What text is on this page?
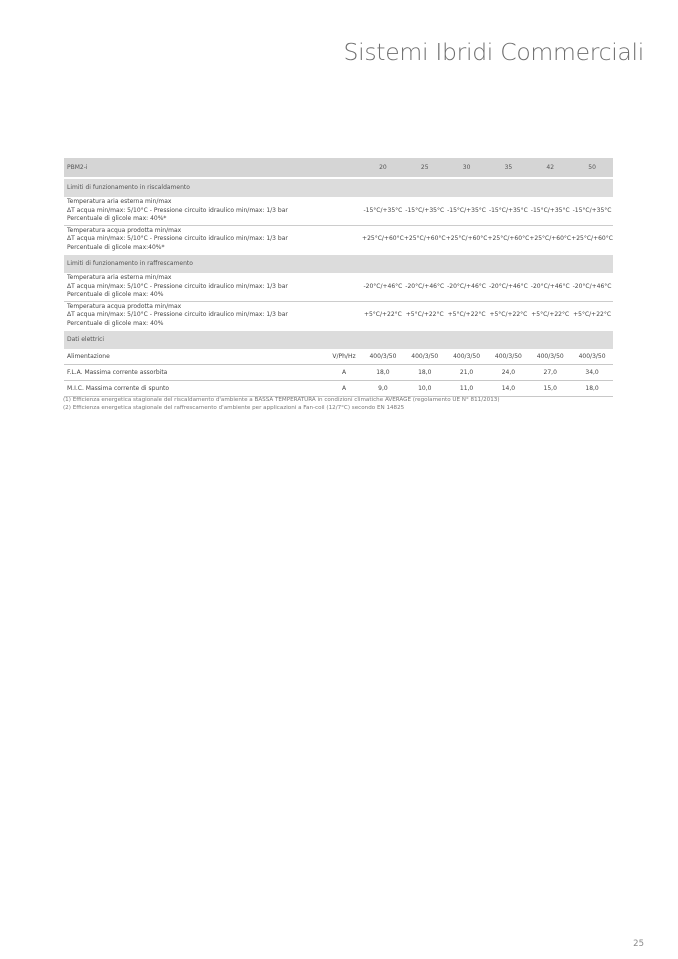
Sistemi Ibridi Commerciali
PBM2-i		20	25	30	35	42	50
Limiti di funzionamento in riscaldamento							

Temperatura aria esterna min/max
ΔT acqua min/max: 5/10°C - Pressione circuito idraulico min/max: 1/3 bar
Percentuale di glicole max: 40%*		-15°C/+35°C	-15°C/+35°C	-15°C/+35°C	-15°C/+35°C	-15°C/+35°C	-15°C/+35°C

Temperatura acqua prodotta min/max
ΔT acqua min/max: 5/10°C - Pressione circuito idraulico min/max: 1/3 bar
Percentuale di glicole max:40%*		+25°C/+60°C	+25°C/+60°C	+25°C/+60°C	+25°C/+60°C	+25°C/+60°C	+25°C/+60°C
Limiti di funzionamento in raffrescamento							

Temperatura aria esterna min/max
ΔT acqua min/max: 5/10°C - Pressione circuito idraulico min/max: 1/3 bar
Percentuale di glicole max: 40%		-20°C/+46°C	-20°C/+46°C	-20°C/+46°C	-20°C/+46°C	-20°C/+46°C	-20°C/+46°C

Temperatura acqua prodotta min/max
ΔT acqua min/max: 5/10°C - Pressione circuito idraulico min/max: 1/3 bar
Percentuale di glicole max: 40%		+5°C/+22°C	+5°C/+22°C	+5°C/+22°C	+5°C/+22°C	+5°C/+22°C	+5°C/+22°C
Dati elettrici							
Alimentazione	V/Ph/Hz	400/3/50	400/3/50	400/3/50	400/3/50	400/3/50	400/3/50
F.L.A. Massima corrente assorbita	A	18,0	18,0	21,0	24,0	27,0	34,0
M.I.C. Massima corrente di spunto	A	9,0	10,0	11,0	14,0	15,0	18,0
(1) Efficienza energetica stagionale del riscaldamento d'ambiente a BASSA TEMPERATURA in condizioni climatiche AVERAGE (regolamento UE N° 811/2013)
(2) Efficienza energetica stagionale del raffrescamento d'ambiente per applicazioni a Fan-coil (12/7°C) secondo EN 14825
25
